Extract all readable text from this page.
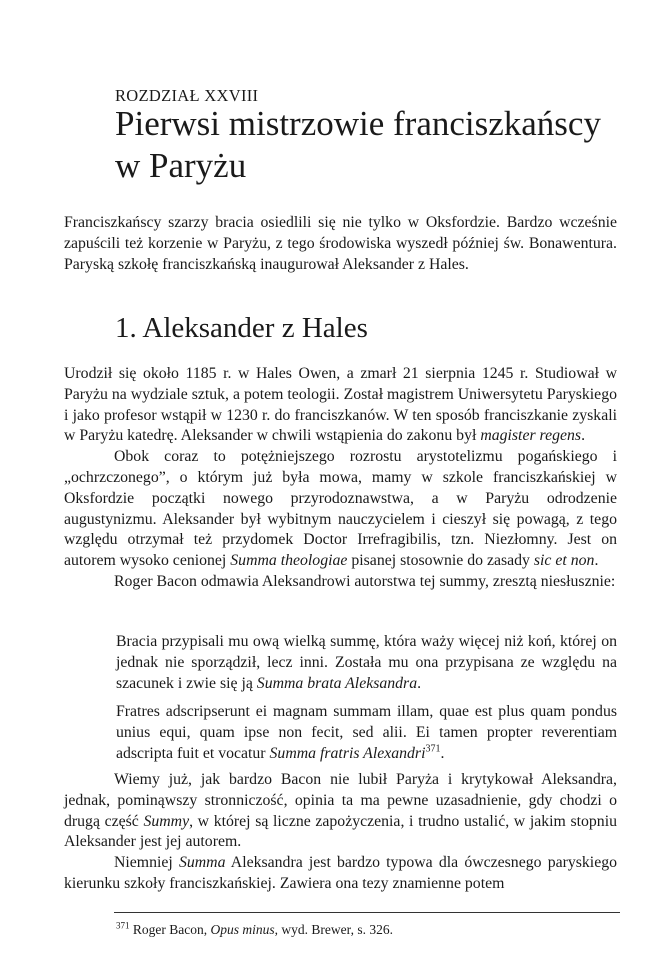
ROZDZIAŁ XXVIII
Pierwsi mistrzowie franciszkańscy
w Paryżu

Franciszkańscy szarzy bracia osiedlili się nie tylko w Oksfordzie. Bardzo wcześnie zapuścili też korzenie w Paryżu, z tego środowiska wyszedł później św. Bonawentura. Paryską szkołę franciszkańską inaugurował Aleksander z Hales.

1. Aleksander z Hales

Urodził się około 1185 r. w Hales Owen, a zmarł 21 sierpnia 1245 r. Studiował w Paryżu na wydziale sztuk, a potem teologii. Został magistrem Uniwersytetu Paryskiego i jako profesor wstąpił w 1230 r. do franciszkanów. W ten sposób franciszkanie zyskali w Paryżu katedrę. Aleksander w chwili wstąpienia do zakonu był magister regens.

Obok coraz to potężniejszego rozrostu arystotelizmu pogańskiego i „ochrzczonego”, o którym już była mowa, mamy w szkole franciszkańskiej w Oksfordzie początki nowego przyrodoznawstwa, a w Paryżu odrodzenie augustynizmu. Aleksander był wybitnym nauczycielem i cieszył się powagą, z tego względu otrzymał też przydomek Doctor Irrefragibilis, tzn. Niezłomny. Jest on autorem wysoko cenionej Summa theologiae pisanej stosownie do zasady sic et non.

Roger Bacon odmawia Aleksandrowi autorstwa tej summy, zresztą niesłusznie:

Bracia przypisali mu ową wielką summę, która waży więcej niż koń, której on jednak nie sporządził, lecz inni. Została mu ona przypisana ze względu na szacunek i zwie się ją Summa brata Aleksandra.

Fratres adscripserunt ei magnam summam illam, quae est plus quam pondus unius equi, quam ipse non fecit, sed alii. Ei tamen propter reverentiam adscripta fuit et vocatur Summa fratris Alexandri$^{371}$.

Wiemy już, jak bardzo Bacon nie lubił Paryża i krytykował Aleksandra, jednak, pominąwszy stronniczość, opinia ta ma pewne uzasadnienie, gdy chodzi o drugą część Summy, w której są liczne zapożyczenia, i trudno ustalić, w jakim stopniu Aleksander jest jej autorem.

Niemniej Summa Aleksandra jest bardzo typowa dla ówczesnego paryskiego kierunku szkoły franciszkańskiej. Zawiera ona tezy znamienne potem

$^{371}$ Roger Bacon, Opus minus, wyd. Brewer, s. 326.
